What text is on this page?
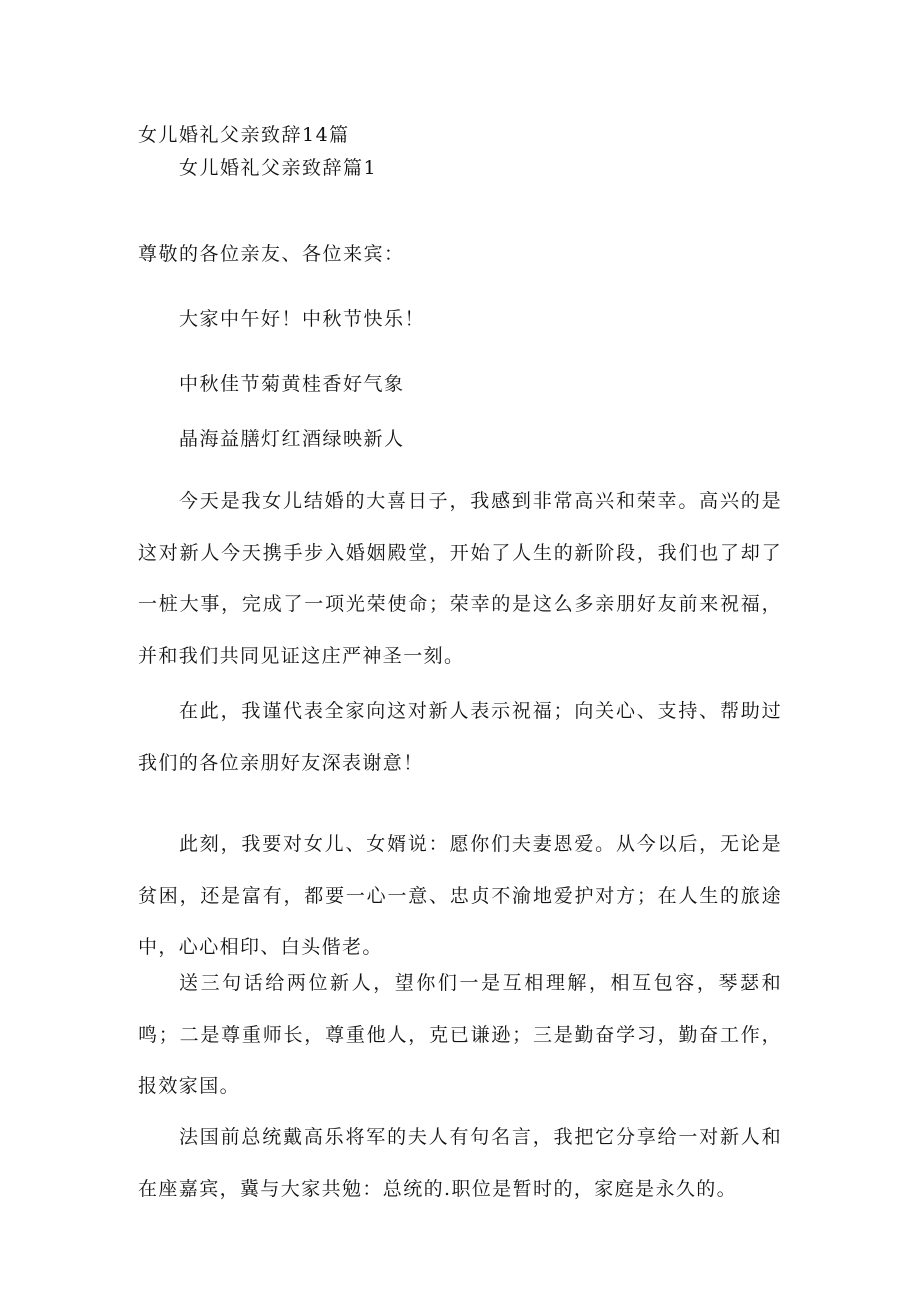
女儿婚礼父亲致辞14篇
女儿婚礼父亲致辞篇1
尊敬的各位亲友、各位来宾：
大家中午好！中秋节快乐！
中秋佳节菊黄桂香好气象
晶海益膳灯红酒绿映新人
今天是我女儿结婚的大喜日子，我感到非常高兴和荣幸。高兴的是这对新人今天携手步入婚姻殿堂，开始了人生的新阶段，我们也了却了一桩大事，完成了一项光荣使命；荣幸的是这么多亲朋好友前来祝福，并和我们共同见证这庄严神圣一刻。
在此，我谨代表全家向这对新人表示祝福；向关心、支持、帮助过我们的各位亲朋好友深表谢意！
此刻，我要对女儿、女婿说：愿你们夫妻恩爱。从今以后，无论是贫困，还是富有，都要一心一意、忠贞不渝地爱护对方；在人生的旅途中，心心相印、白头偕老。
送三句话给两位新人，望你们一是互相理解，相互包容，琴瑟和鸣；二是尊重师长，尊重他人，克已谦逊；三是勤奋学习，勤奋工作，报效家国。
法国前总统戴高乐将军的夫人有句名言，我把它分享给一对新人和在座嘉宾，冀与大家共勉：总统的.职位是暂时的，家庭是永久的。
